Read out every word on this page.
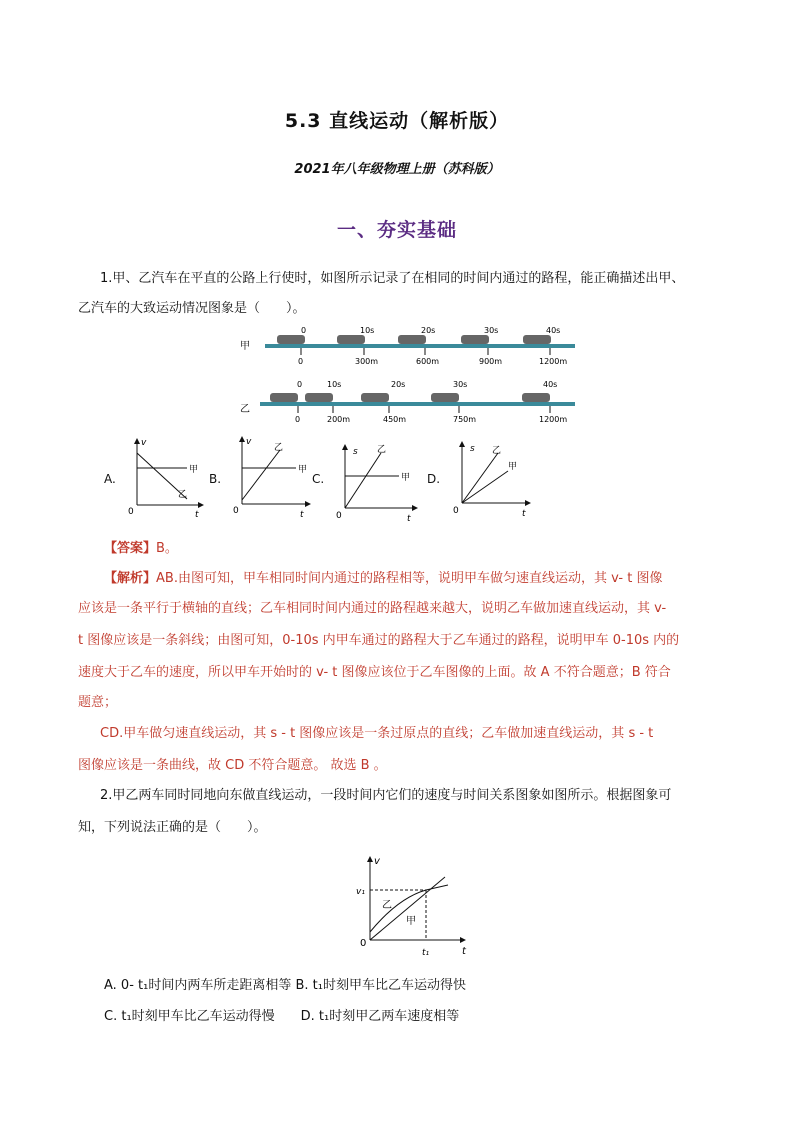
5.3 直线运动（解析版）
2021年八年级物理上册（苏科版）
一、夯实基础
1.甲、乙汽车在平直的公路上行使时，如图所示记录了在相同的时间内通过的路程，能正确描述出甲、
乙汽车的大致运动情况图象是（　　）。
甲
0	10s	20s	30s	40s
0	300m	600m	900m	1200m
乙
0	10s	20s	30s	40s
0	200m	450m	750m	1200m
A.
v
t
0
甲
乙
B.
v
t
0
甲
乙
C.
s
t
0
甲
乙
D.
s
t
0
乙
甲
【答案】B。
【解析】AB.由图可知，甲车相同时间内通过的路程相等，说明甲车做匀速直线运动，其 v- t 图像
应该是一条平行于横轴的直线；乙车相同时间内通过的路程越来越大，说明乙车做加速直线运动，其 v-
t 图像应该是一条斜线；由图可知，0-10s 内甲车通过的路程大于乙车通过的路程，说明甲车 0-10s 内的
速度大于乙车的速度，所以甲车开始时的 v- t 图像应该位于乙车图像的上面。故 A 不符合题意；B 符合
题意；
CD.甲车做匀速直线运动，其 s - t 图像应该是一条过原点的直线；乙车做加速直线运动，其 s - t
图像应该是一条曲线，故 CD 不符合题意。 故选 B 。
2.甲乙两车同时同地向东做直线运动，一段时间内它们的速度与时间关系图象如图所示。根据图象可
知，下列说法正确的是（　　）。
v
t
0
v₁
t₁
乙
甲
A. 0- t₁时间内两车所走距离相等 B. t₁时刻甲车比乙车运动得快
C. t₁时刻甲车比乙车运动得慢　　D. t₁时刻甲乙两车速度相等
